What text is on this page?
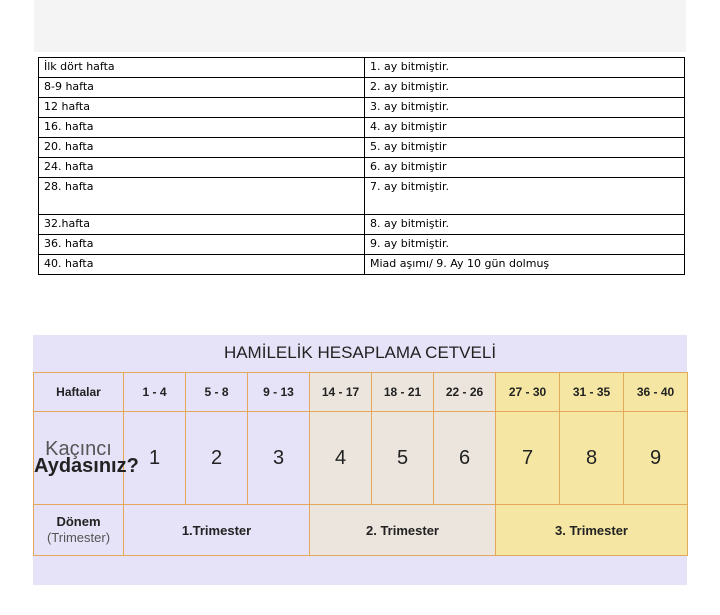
İlk dört hafta	1. ay bitmiştir.
8-9 hafta	2. ay bitmiştir.
12 hafta	3. ay bitmiştir.
16. hafta	4. ay bitmiştir
20. hafta	5. ay bitmiştir
24. hafta	6. ay bitmiştir
28. hafta	7. ay bitmiştir.
32.hafta	8. ay bitmiştir.
36. hafta	9. ay bitmiştir.
40. hafta	Miad aşımı/ 9. Ay 10 gün dolmuş
HAMİLELİK HESAPLAMA CETVELİ
Haftalar	1 - 4	5 - 8	9 - 13	14 - 17	18 - 21	22 - 26	27 - 30	31 - 35	36 - 40
Kaçıncı
Aydasınız?	1	2	3	4	5	6	7	8	9
Dönem
(Trimester)	1.Trimester			2. Trimester			3. Trimester		
